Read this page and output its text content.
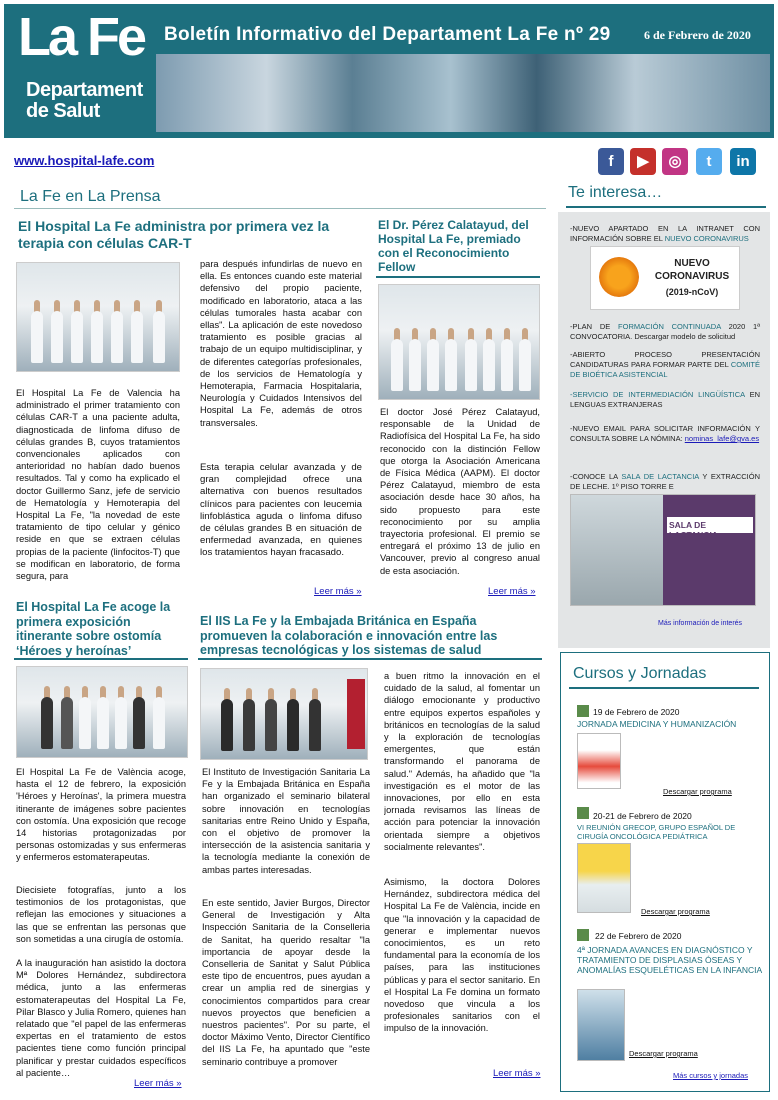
La Fe
Departament de Salut
Boletín Informativo del Departament La Fe nº 29	6 de Febrero de 2020
www.hospital-lafe.com	f	▶	◎	t	in
La Fe en La Prensa
El Hospital La Fe administra por primera vez la terapia con células CAR-T
El Hospital La Fe de Valencia ha administrado el primer tratamiento con células CAR-T a una paciente adulta, diagnosticada de linfoma difuso de células grandes B, cuyos tratamientos convencionales aplicados con anterioridad no habían dado buenos resultados. Tal y como ha explicado el doctor Guillermo Sanz, jefe de servicio de Hematología y Hemoterapia del Hospital La Fe, "la novedad de este tratamiento de tipo celular y génico reside en que se extraen células propias de la paciente (linfocitos-T) que se modifican en laboratorio, de forma segura, para
para después infundirlas de nuevo en ella. Es entonces cuando este material defensivo del propio paciente, modificado en laboratorio, ataca a las células tumorales hasta acabar con ellas". La aplicación de este novedoso tratamiento es posible gracias al trabajo de un equipo multidisciplinar, y de diferentes categorías profesionales, de los servicios de Hematología y Hemoterapia, Farmacia Hospitalaria, Neurología y Cuidados Intensivos del Hospital La Fe, además de otros transversales.
Esta terapia celular avanzada y de gran complejidad ofrece una alternativa con buenos resultados clínicos para pacientes con leucemia linfoblástica aguda o linfoma difuso de células grandes B en situación de enfermedad avanzada, en quienes los tratamientos hayan fracasado.
Leer más »
El Dr. Pérez Calatayud, del Hospital La Fe, premiado con el Reconocimiento Fellow
El doctor José Pérez Calatayud, responsable de la Unidad de Radiofísica del Hospital La Fe, ha sido reconocido con la distinción Fellow que otorga la Asociación Americana de Física Médica (AAPM). El doctor Pérez Calatayud, miembro de esta asociación desde hace 30 años, ha sido propuesto para este reconocimiento por su amplia trayectoria profesional. El premio se entregará el próximo 13 de julio en Vancouver, previo al congreso anual de esta asociación.
Leer más »
El Hospital La Fe acoge la primera exposición itinerante sobre ostomía ‘Héroes y heroínas’
El Hospital La Fe de València acoge, hasta el 12 de febrero, la exposición 'Héroes y Heroínas', la primera muestra itinerante de imágenes sobre pacientes con ostomía. Una exposición que recoge 14 historias protagonizadas por personas ostomizadas y sus enfermeras y enfermeros estomaterapeutas.
Diecisiete fotografías, junto a los testimonios de los protagonistas, que reflejan las emociones y situaciones a las que se enfrentan las personas que son sometidas a una cirugía de ostomía.
A la inauguración han asistido la doctora Mª Dolores Hernández, subdirectora médica, junto a las enfermeras estomaterapeutas del Hospital La Fe, Pilar Blasco y Julia Romero, quienes han relatado que "el papel de las enfermeras expertas en el tratamiento de estos pacientes tiene como función principal planificar y prestar cuidados específicos al paciente…
Leer más »
El IIS La Fe y la Embajada Británica en España promueven la colaboración e innovación entre las empresas tecnológicas y los sistemas de salud
El Instituto de Investigación Sanitaria La Fe y la Embajada Británica en España han organizado el seminario bilateral sobre innovación en tecnologías sanitarias entre Reino Unido y España, con el objetivo de promover la intersección de la asistencia sanitaria y la tecnología mediante la conexión de ambas partes interesadas.
En este sentido, Javier Burgos, Director General de Investigación y Alta Inspección Sanitaria de la Conselleria de Sanitat, ha querido resaltar "la importancia de apoyar desde la Conselleria de Sanitat y Salut Pública este tipo de encuentros, pues ayudan a crear un amplia red de sinergias y conocimientos compartidos para crear nuevos proyectos que beneficien a nuestros pacientes". Por su parte, el doctor Máximo Vento, Director Científico del IIS La Fe, ha apuntado que "este seminario contribuye a promover
a buen ritmo la innovación en el cuidado de la salud, al fomentar un diálogo emocionante y productivo entre equipos expertos españoles y británicos en tecnologías de la salud y la exploración de tecnologías emergentes, que están transformando el panorama de salud." Además, ha añadido que "la investigación es el motor de las innovaciones, por ello en esta jornada revisamos las líneas de acción para potenciar la innovación orientada siempre a objetivos socialmente relevantes".
Asimismo, la doctora Dolores Hernández, subdirectora médica del Hospital La Fe de València, incide en que "la innovación y la capacidad de generar e implementar nuevos conocimientos, es un reto fundamental para la economía de los países, para las instituciones públicas y para el sector sanitario. En el Hospital La Fe domina un formato novedoso que vincula a los profesionales sanitarios con el impulso de la innovación.
Leer más »
Te interesa…
-NUEVO APARTADO EN LA INTRANET CON INFORMACIÓN SOBRE EL NUEVO CORONAVIRUS
NUEVO CORONAVIRUS
(2019-nCoV)
-PLAN DE FORMACIÓN CONTINUADA 2020 1ª CONVOCATORIA. Descargar modelo de solicitud
-ABIERTO PROCESO PRESENTACIÓN CANDIDATURAS PARA FORMAR PARTE DEL COMITÉ DE BIOÉTICA ASISTENCIAL
-SERVICIO DE INTERMEDIACIÓN LINGÜÍSTICA EN LENGUAS EXTRANJERAS
-NUEVO EMAIL PARA SOLICITAR INFORMACIÓN Y CONSULTA SOBRE LA NÓMINA: nominas_lafe@gva.es
-CONOCE LA SALA DE LACTANCIA Y EXTRACCIÓN DE LECHE. 1º PISO TORRE E
SALA DE LACTANCIA
Más información de interés
Cursos y Jornadas
19 de Febrero de 2020
JORNADA MEDICINA Y HUMANIZACIÓN
Descargar programa
20-21 de Febrero de 2020
VI REUNIÓN GRECOP, GRUPO ESPAÑOL DE CIRUGÍA ONCOLÓGICA PEDIÁTRICA
Descargar programa
22 de Febrero de 2020
4ª JORNADA AVANCES EN DIAGNÓSTICO Y TRATAMIENTO DE DISPLASIAS ÓSEAS Y ANOMALÍAS ESQUELÉTICAS EN LA INFANCIA
Descargar programa
Más cursos y jornadas
